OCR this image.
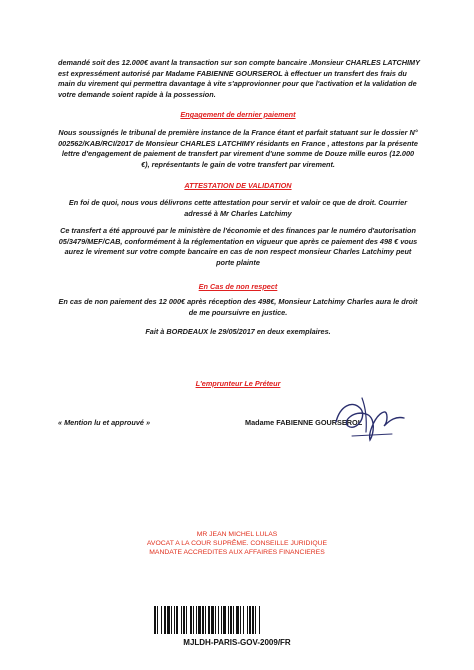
demandé soit des 12.000€ avant la transaction sur son compte bancaire .Monsieur CHARLES LATCHIMY est expressément autorisé par Madame FABIENNE GOURSEROL à effectuer un transfert des frais du main du virement qui permettra davantage à vite s'approvionner pour que l'activation et la validation de votre demande soient rapide à la possession.
Engagement de dernier paiement
Nous soussignés le tribunal de première instance de la France étant et parfait statuant sur le dossier N° 002562/KAB/RCI/2017 de Monsieur CHARLES LATCHIMY résidants en France , attestons par la présente lettre d'engagement de paiement de transfert par virement d'une somme de Douze mille euros (12.000 €), représentants le gain de votre transfert par virement.
ATTESTATION DE VALIDATION
En foi de quoi, nous vous délivrons cette attestation pour servir et valoir ce que de droit. Courrier adressé à Mr Charles Latchimy
Ce transfert a été approuvé par le ministère de l'économie et des finances par le numéro d'autorisation 05/3479/MEF/CAB, conformément à la réglementation en vigueur que après ce paiement des 498 € vous aurez le virement sur votre compte bancaire en cas de non respect monsieur Charles Latchimy peut porte plainte
En Cas de non respect
En cas de non paiement des 12 000€ après réception des 498€, Monsieur Latchimy Charles aura le droit de me poursuivre en justice.
Fait à BORDEAUX le 29/05/2017 en deux exemplaires.
L'emprunteur Le Préteur
« Mention lu et approuvé »	Madame FABIENNE GOURSEROL
MR JEAN MICHEL LULAS
AVOCAT A LA COUR SUPRÊME. CONSEILLE JURIDIQUE
MANDATE ACCREDITES AUX AFFAIRES FINANCIERES
MJLDH-PARIS-GOV-2009/FR
